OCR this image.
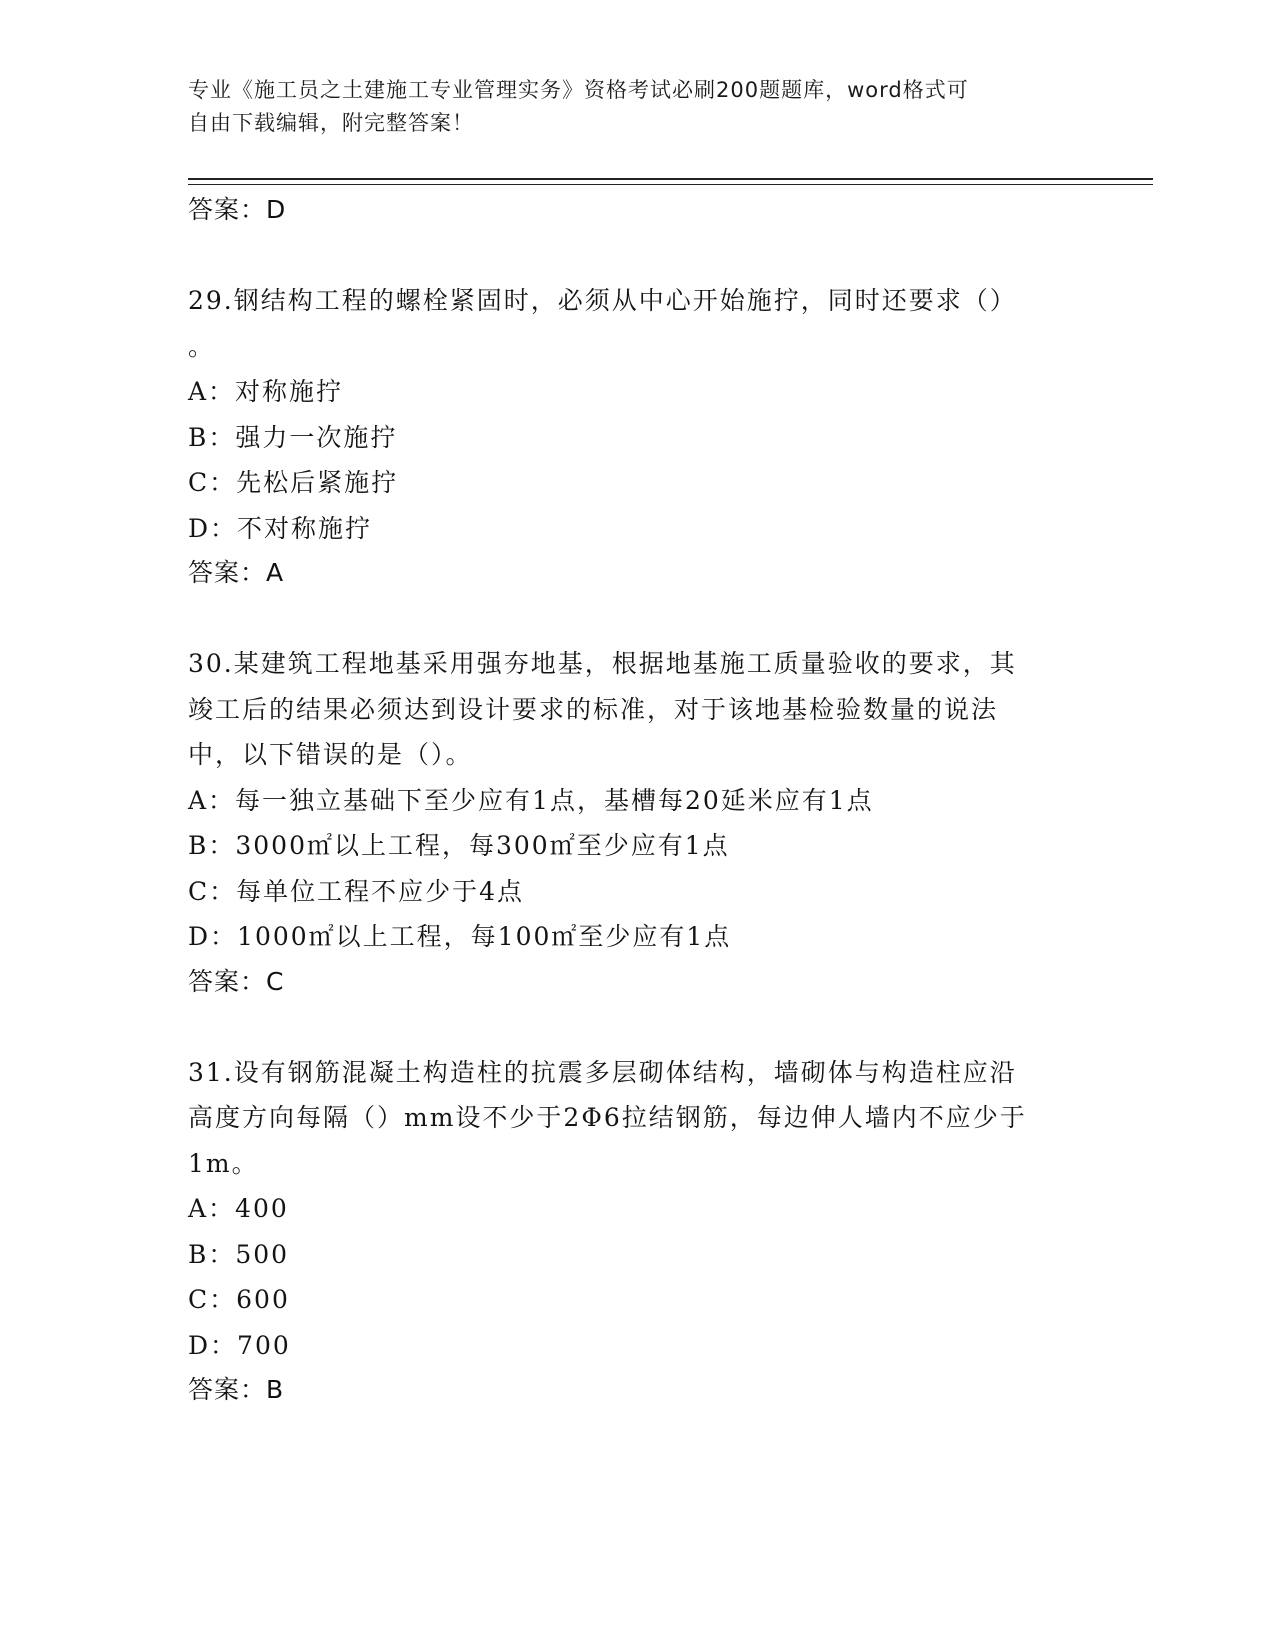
专业《施工员之土建施工专业管理实务》资格考试必刷200题题库，word格式可
自由下载编辑，附完整答案！
答案：D
29.钢结构工程的螺栓紧固时，必须从中心开始施拧，同时还要求（）
。
A：对称施拧
B：强力一次施拧
C：先松后紧施拧
D：不对称施拧
答案：A
30.某建筑工程地基采用强夯地基，根据地基施工质量验收的要求，其
竣工后的结果必须达到设计要求的标准，对于该地基检验数量的说法
中，以下错误的是（）。
A：每一独立基础下至少应有1点，基槽每20延米应有1点
B：3000㎡以上工程，每300㎡至少应有1点
C：每单位工程不应少于4点
D：1000㎡以上工程，每100㎡至少应有1点
答案：C
31.设有钢筋混凝土构造柱的抗震多层砌体结构，墙砌体与构造柱应沿
高度方向每隔（）mm设不少于2Φ6拉结钢筋，每边伸人墙内不应少于
1m。
A：400
B：500
C：600
D：700
答案：B
